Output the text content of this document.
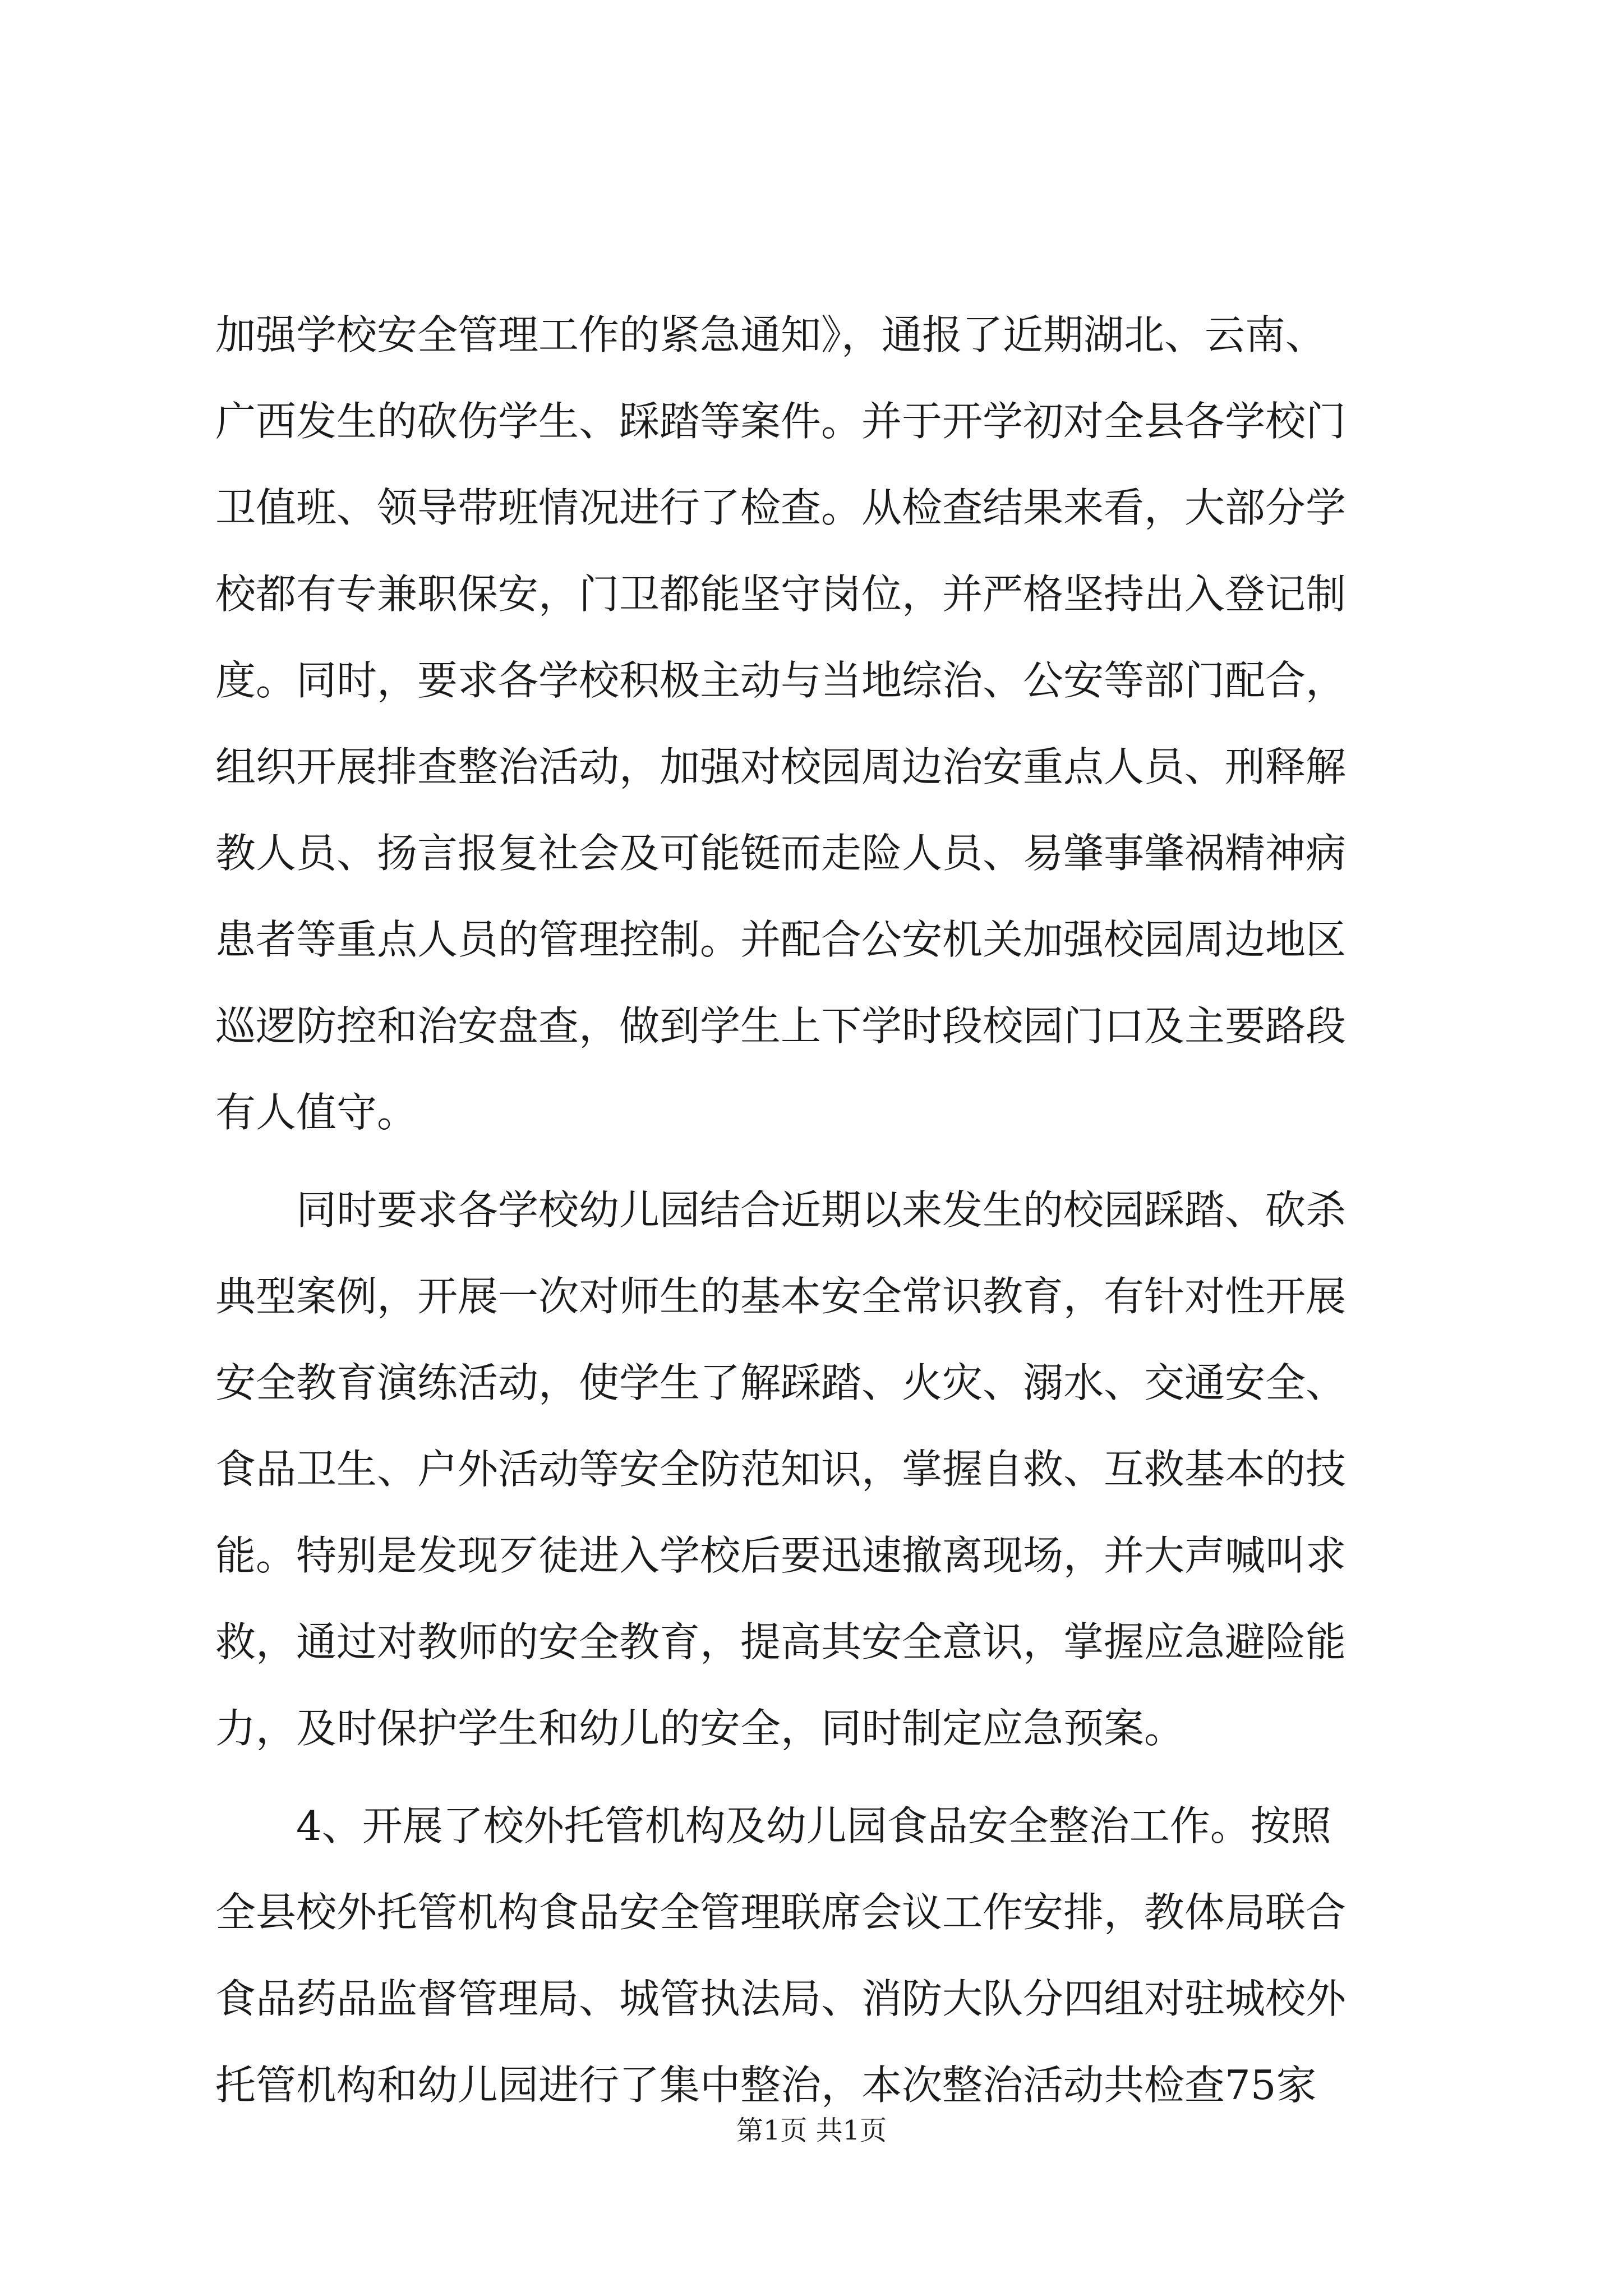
加强学校安全管理工作的紧急通知》，通报了近期湖北、云南、
广西发生的砍伤学生、踩踏等案件。并于开学初对全县各学校门
卫值班、领导带班情况进行了检查。从检查结果来看，大部分学
校都有专兼职保安，门卫都能坚守岗位，并严格坚持出入登记制
度。同时，要求各学校积极主动与当地综治、公安等部门配合，
组织开展排查整治活动，加强对校园周边治安重点人员、刑释解
教人员、扬言报复社会及可能铤而走险人员、易肇事肇祸精神病
患者等重点人员的管理控制。并配合公安机关加强校园周边地区
巡逻防控和治安盘查，做到学生上下学时段校园门口及主要路段
有人值守。
同时要求各学校幼儿园结合近期以来发生的校园踩踏、砍杀
典型案例，开展一次对师生的基本安全常识教育，有针对性开展
安全教育演练活动，使学生了解踩踏、火灾、溺水、交通安全、
食品卫生、户外活动等安全防范知识，掌握自救、互救基本的技
能。特别是发现歹徒进入学校后要迅速撤离现场，并大声喊叫求
救，通过对教师的安全教育，提高其安全意识，掌握应急避险能
力，及时保护学生和幼儿的安全，同时制定应急预案。
4、开展了校外托管机构及幼儿园食品安全整治工作。按照
全县校外托管机构食品安全管理联席会议工作安排，教体局联合
食品药品监督管理局、城管执法局、消防大队分四组对驻城校外
托管机构和幼儿园进行了集中整治，本次整治活动共检查75家
第1页 共1页
